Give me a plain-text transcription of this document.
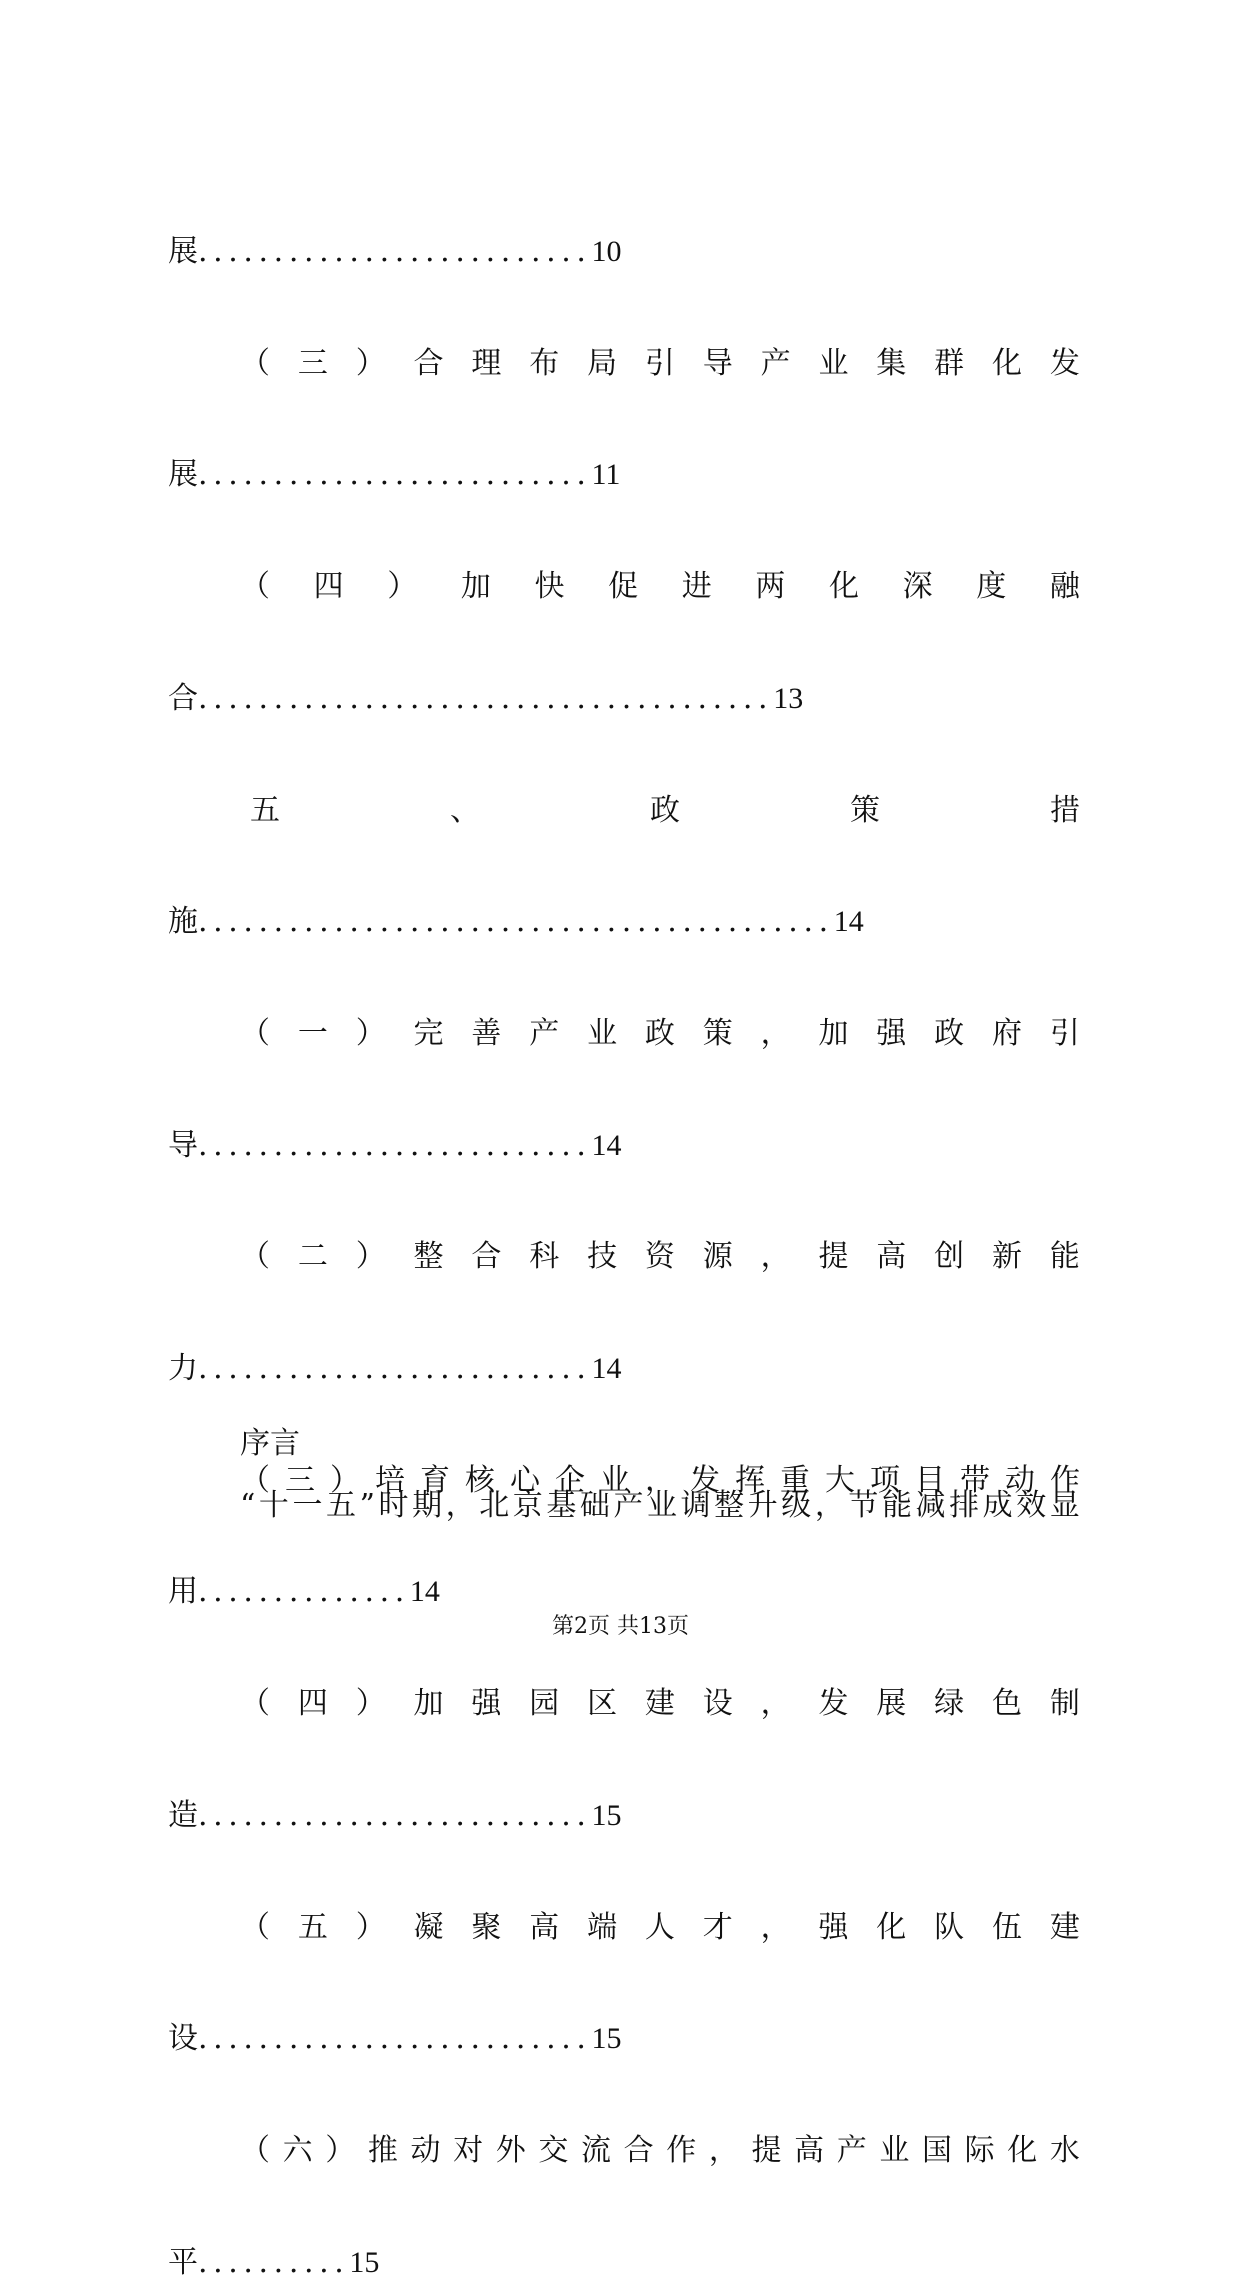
展 .......................... 10
（ 三 ） 合 理 布 局 引 导 产 业 集 群 化 发
展 .......................... 11
（ 四 ） 加 快 促 进 两 化 深 度 融
合 ...................................... 13
五	、	政	策	措
施 .......................................... 14
（ 一 ） 完 善 产 业 政 策 ， 加 强 政 府 引
导 .......................... 14
（ 二 ） 整 合 科 技 资 源 ， 提 高 创 新 能
力 .......................... 14
（ 三 ） 培 育 核 心 企 业 ， 发 挥 重 大 项 目 带 动 作
用 .............. 14
（ 四 ） 加 强 园 区 建 设 ， 发 展 绿 色 制
造 .......................... 15
（ 五 ） 凝 聚 高 端 人 才 ， 强 化 队 伍 建
设 .......................... 15
（ 六 ） 推 动 对 外 交 流 合 作 ， 提 高 产 业 国 际 化 水
平 .......... 15
序言
“ 十 一 五 ” 时 期 ， 北 京 基 础 产 业 调 整 升 级 ， 节 能 减 排 成 效 显
第2页 共13页
